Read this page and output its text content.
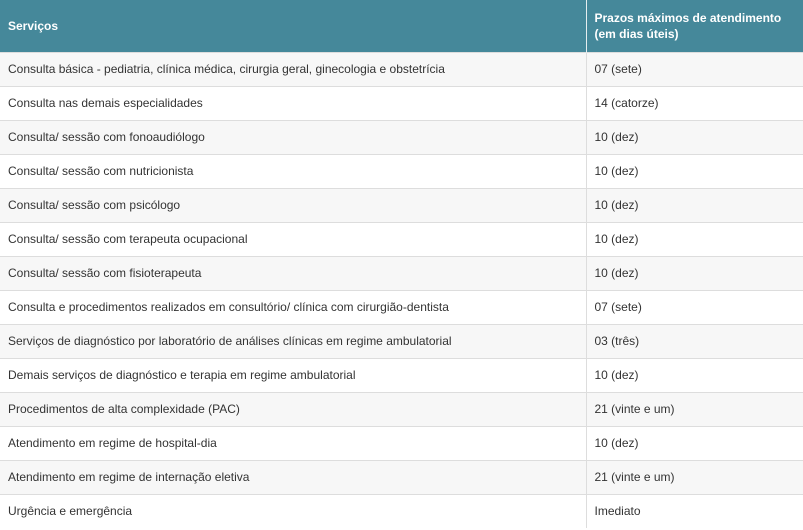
Serviços	Prazos máximos de atendimento (em dias úteis)
Consulta básica - pediatria, clínica médica, cirurgia geral, ginecologia e obstetrícia	07 (sete)
Consulta nas demais especialidades	14 (catorze)
Consulta/ sessão com fonoaudiólogo	10 (dez)
Consulta/ sessão com nutricionista	10 (dez)
Consulta/ sessão com psicólogo	10 (dez)
Consulta/ sessão com terapeuta ocupacional	10 (dez)
Consulta/ sessão com fisioterapeuta	10 (dez)
Consulta e procedimentos realizados em consultório/ clínica com cirurgião-dentista	07 (sete)
Serviços de diagnóstico por laboratório de análises clínicas em regime ambulatorial	03 (três)
Demais serviços de diagnóstico e terapia em regime ambulatorial	10 (dez)
Procedimentos de alta complexidade (PAC)	21 (vinte e um)
Atendimento em regime de hospital-dia	10 (dez)
Atendimento em regime de internação eletiva	21 (vinte e um)
Urgência e emergência	Imediato
